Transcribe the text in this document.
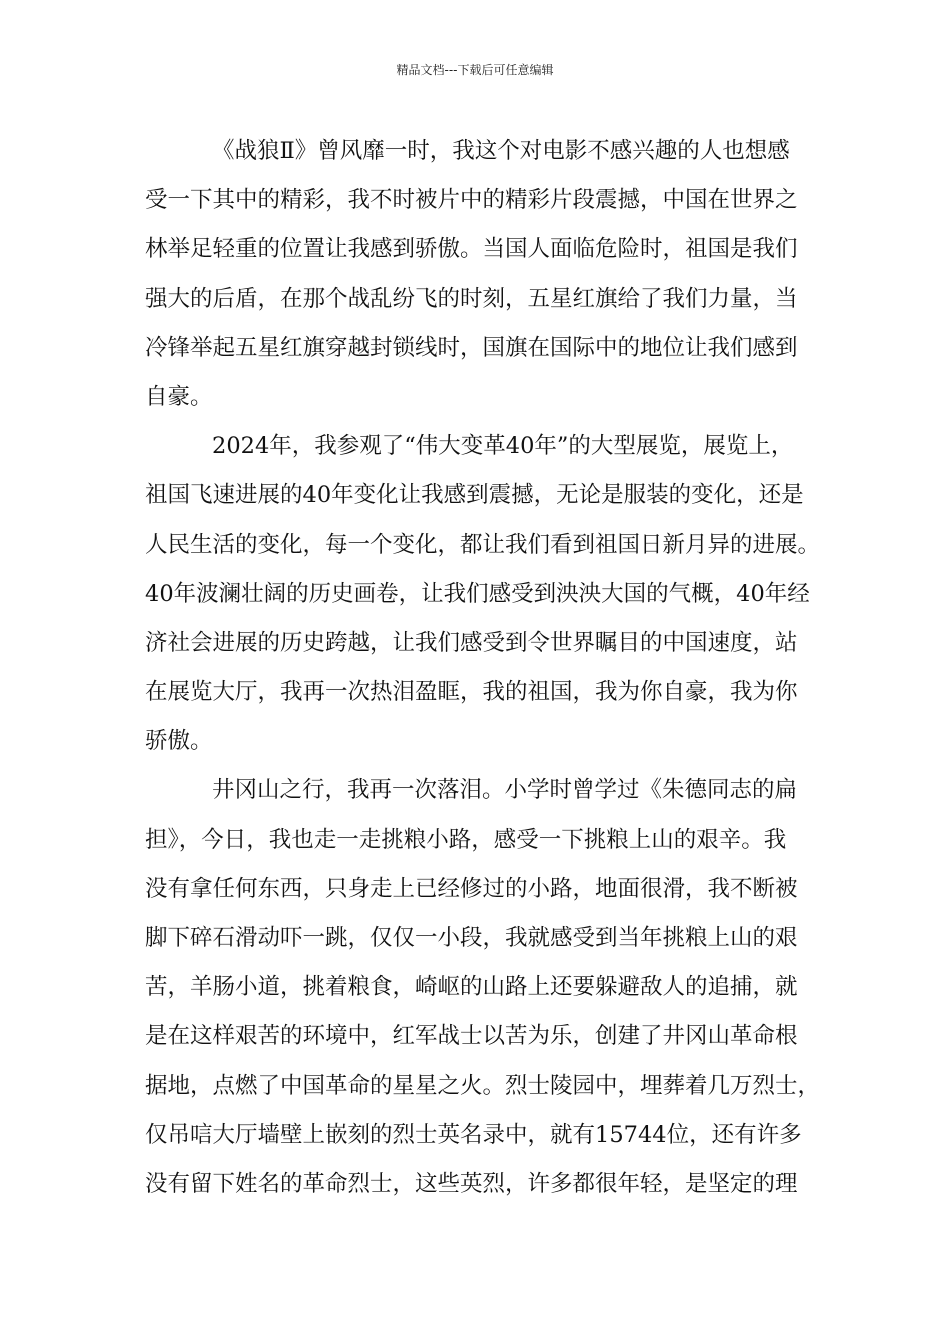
精品文档---下载后可任意编辑
《战狼Ⅱ》曾风靡一时，我这个对电影不感兴趣的人也想感
受一下其中的精彩，我不时被片中的精彩片段震撼，中国在世界之
林举足轻重的位置让我感到骄傲。当国人面临危险时，祖国是我们
强大的后盾，在那个战乱纷飞的时刻，五星红旗给了我们力量，当
冷锋举起五星红旗穿越封锁线时，国旗在国际中的地位让我们感到
自豪。
2024年，我参观了“伟大变革40年”的大型展览，展览上，
祖国飞速进展的40年变化让我感到震撼，无论是服装的变化，还是
人民生活的变化，每一个变化，都让我们看到祖国日新月异的进展。
40年波澜壮阔的历史画卷，让我们感受到泱泱大国的气概，40年经
济社会进展的历史跨越，让我们感受到令世界瞩目的中国速度，站
在展览大厅，我再一次热泪盈眶，我的祖国，我为你自豪，我为你
骄傲。
井冈山之行，我再一次落泪。小学时曾学过《朱德同志的扁
担》，今日，我也走一走挑粮小路，感受一下挑粮上山的艰辛。我
没有拿任何东西，只身走上已经修过的小路，地面很滑，我不断被
脚下碎石滑动吓一跳，仅仅一小段，我就感受到当年挑粮上山的艰
苦，羊肠小道，挑着粮食，崎岖的山路上还要躲避敌人的追捕，就
是在这样艰苦的环境中，红军战士以苦为乐，创建了井冈山革命根
据地，点燃了中国革命的星星之火。烈士陵园中，埋葬着几万烈士，
仅吊唁大厅墙壁上嵌刻的烈士英名录中，就有15744位，还有许多
没有留下姓名的革命烈士，这些英烈，许多都很年轻，是坚定的理
